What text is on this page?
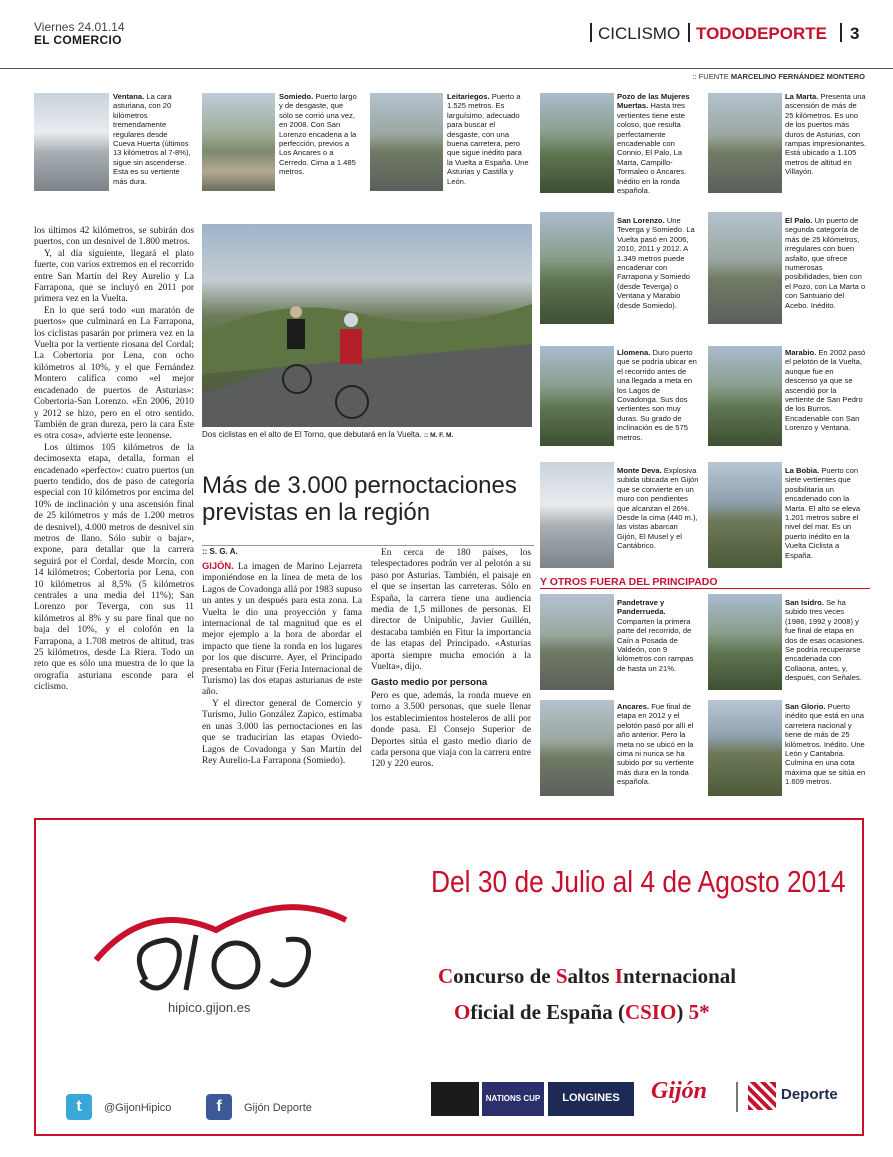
Viernes 24.01.14
EL COMERCIO	CICLISMO TODODEPORTE	3
:: FUENTE MARCELINO FERNÁNDEZ MONTERO
Ventana. La cara asturiana, con 20 kilómetros tremendamente regulares desde Cueva Huerta (últimos 13 kilómetros al 7-8%), sigue sin ascenderse. Esta es su vertiente más dura.
Somiedo. Puerto largo y de desgaste, que sólo se corrió una vez, en 2008. Con San Lorenzo encadena a la perfección, previos a Los Ancares o a Cerredo. Cima a 1.485 metros.
Leitariegos. Puerto a 1.525 metros. Es larguísimo, adecuado para buscar el desgaste, con una buena carretera, pero que sigue inédito para la Vuelta a España. Une Asturias y Castilla y León.
Pozo de las Mujeres Muertas. Hasta tres vertientes tiene este coloso, que resulta perfectamente encadenable con Connio, El Palo, La Marta, Campillo-Tormaleo o Ancares. Inédito en la ronda española.
La Marta. Presenta una ascensión de más de 25 kilómetros. Es uno de los puertos más duros de Asturias, con rampas impresionantes. Está ubicado a 1.105 metros de altitud en Villayón.
San Lorenzo. Une Teverga y Somiedo. La Vuelta pasó en 2006, 2010, 2011 y 2012. A 1.349 metros puede encadenar con Farrapona y Somiedo (desde Teverga) o Ventana y Marabio (desde Somiedo).
El Palo. Un puerto de segunda categoría de más de 25 kilómetros, irregulares con buen asfalto, que ofrece numerosas posibilidades, bien con el Pozo, con La Marta o con Santuario del Acebo. Inédito.
Llomena. Duro puerto que se podría ubicar en el recorrido antes de una llegada a meta en los Lagos de Covadonga. Sus dos vertientes son muy duras. Su grado de inclinación es de 575 metros.
Marabio. En 2002 pasó el pelotón de la Vuelta, aunque fue en descenso ya que se ascendió por la vertiente de San Pedro de los Burros. Encadenable con San Lorenzo y Ventana.
Monte Deva. Explosiva subida ubicada en Gijón que se convierte en un muro con pendientes que alcanzan el 26%. Desde la cima (440 m.), las vistas abarcan Gijón, El Musel y el Cantábrico.
La Bobia. Puerto con siete vertientes que posibilitaría un encadenado con la Marta. El alto se eleva 1.201 metros sobre el nivel del mar. Es un puerto inédito en la Vuelta Ciclista a España.
Y OTROS FUERA DEL PRINCIPADO
Pandetrave y Panderrueda. Comparten la primera parte del recorrido, de Caín a Posada de Valdeón, con 9 kilómetros con rampas de hasta un 21%.
San Isidro. Se ha subido tres veces (1986, 1992 y 2008) y fue final de etapa en dos de esas ocasiones. Se podría recuperarse encadenada con Collaona, antes, y, después, con Señales.
Ancares. Fue final de etapa en 2012 y el pelotón pasó por allí el año anterior. Pero la meta no se ubicó en la cima ni nunca se ha subido por su vertiente más dura en la ronda española.
San Glorio. Puerto inédito que está en una carretera nacional y tiene de más de 25 kilómetros. Inédito. Une León y Cantabria. Culmina en una cota máxima que se sitúa en 1.609 metros.

los últimos 42 kilómetros, se subirán dos puertos, con un desnivel de 1.800 metros.

Y, al día siguiente, llegará el plato fuerte, con varios extremos en el recorrido entre San Martín del Rey Aurelio y La Farrapona, que se incluyó en 2011 por primera vez en la Vuelta.

En lo que será todo «un maratón de puertos» que culminará en La Farrapona, los ciclistas pasarán por primera vez en la Vuelta por la vertiente riosana del Cordal; La Cobertoria por Lena, con ocho kilómetros al 10%, y el que Fernández Montero califica como «el mejor encadenado de puertos de Asturias»: Cobertoria-San Lorenzo. «En 2006, 2010 y 2012 se hizo, pero en el otro sentido. También de gran dureza, pero la cara Este es otra cosa», advierte este leonense.

Los últimos 105 kilómetros de la decimosexta etapa, detalla, forman el encadenado «perfecto»: cuatro puertos (un puerto tendido, dos de paso de categoría especial con 10 kilómetros por encima del 10% de inclinación y una ascensión final de 25 kilómetros y más de 1.200 metros de desnivel), 4.000 metros de desnivel sin metros de llano. Sólo subir o bajar», expone, para detallar que la carrera seguirá por el Cordal, desde Morcín, con 14 kilómetros; Cobertoria por Lena, con 10 kilómetros al 8,5% (5 kilómetros centrales a una media del 11%); San Lorenzo por Teverga, con sus 11 kilómetros al 8% y su pare final que no baja del 10%, y el colofón en la Farrapona, a 1.708 metros de altitud, tras 25 kilómetros, desde La Riera. Todo un reto que es sólo una muestra de lo que la orografía asturiana esconde para el ciclismo.

Dos ciclistas en el alto de El Torno, que debutará en la Vuelta. :: M. F. M.
Más de 3.000 pernoctaciones previstas en la región
:: S. G. A.

GIJÓN. La imagen de Marino Lejarreta imponiéndose en la línea de meta de los Lagos de Covadonga allá por 1983 supuso un antes y un después para esta zona. La Vuelta le dio una proyección y fama internacional de tal magnitud que es el mejor ejemplo a la hora de abordar el impacto que tiene la ronda en los lugares por los que discurre. Ayer, el Principado presentaba en Fitur (Feria Internacional de Turismo) las dos etapas asturianas de este año.

Y el director general de Comercio y Turismo, Julio González Zapico, estimaba en unas 3.000 las pernoctaciones en las que se traducirían las etapas Oviedo-Lagos de Covadonga y San Martín del Rey Aurelio-La Farrapona (Somiedo).

En cerca de 180 países, los telespectadores podrán ver al pelotón a su paso por Asturias. También, el paisaje en el que se insertan las carreteras. Sólo en España, la carrera tiene una audiencia media de 1,5 millones de personas. El director de Unipublic, Javier Guillén, destacaba también en Fitur la importancia de las etapas del Principado. «Asturias aporta siempre mucha emoción a la Vuelta», dijo.

Gasto medio por persona

Pero es que, además, la ronda mueve en torno a 3.500 personas, que suele llenar los establecimientos hosteleros de allí por donde pasa. El Consejo Superior de Deportes sitúa el gasto medio diario de cada persona que viaja con la carrera entre 120 y 220 euros.

hipico.gijon.es
Del 30 de Julio al 4 de Agosto 2014
Concurso de Saltos Internacional
Oficial de España (CSIO) 5*
t	@GijonHipico	f	Gijón Deporte
NATIONS CUP	LONGINES	Gijón	Deporte
